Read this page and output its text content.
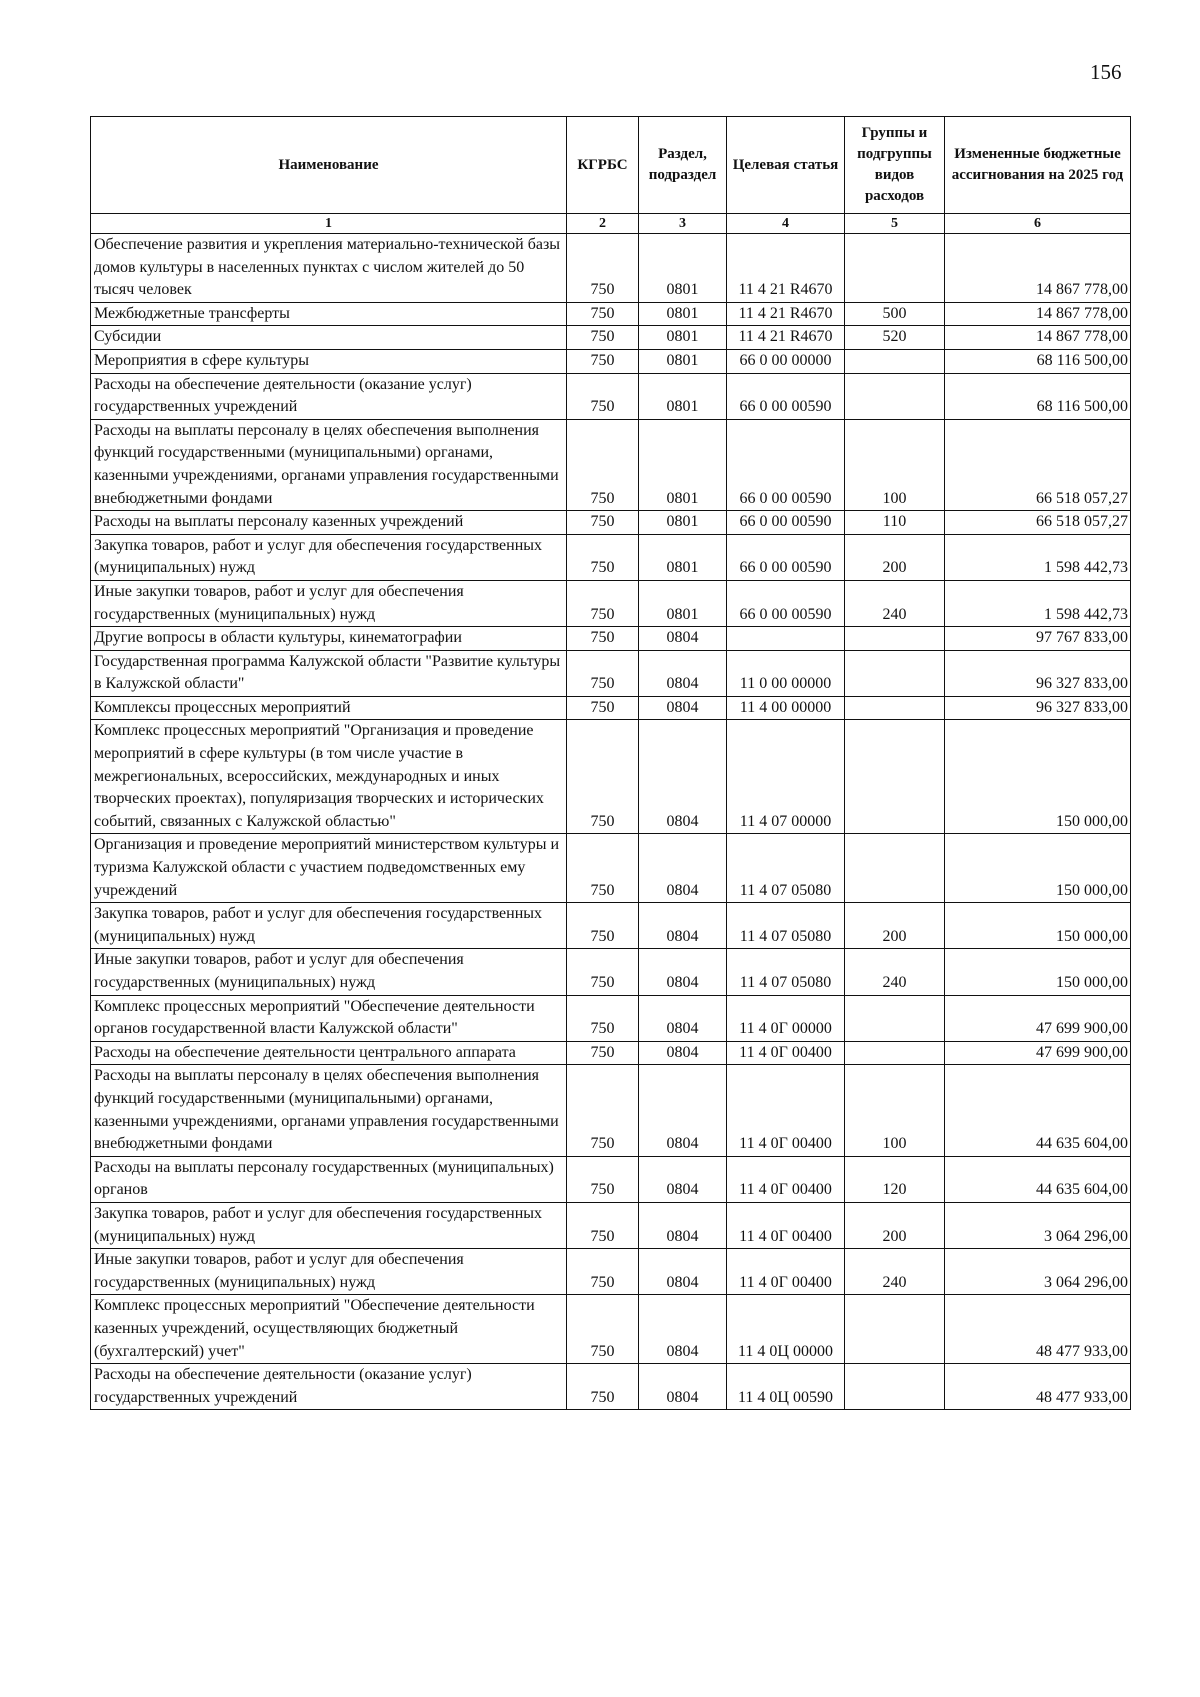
156
Наименование	КГРБС	Раздел, подраздел	Целевая статья	Группы и подгруппы видов расходов	Измененные бюджетные ассигнования на 2025 год
1	2	3	4	5	6
Обеспечение развития и укрепления материально-технической базы домов культуры в населенных пунктах с числом жителей до 50 тысяч человек	750	0801	11 4 21 R4670		14 867 778,00
Межбюджетные трансферты	750	0801	11 4 21 R4670	500	14 867 778,00
Субсидии	750	0801	11 4 21 R4670	520	14 867 778,00
Мероприятия в сфере культуры	750	0801	66 0 00 00000		68 116 500,00
Расходы на обеспечение деятельности (оказание услуг) государственных учреждений	750	0801	66 0 00 00590		68 116 500,00
Расходы на выплаты персоналу в целях обеспечения выполнения функций государственными (муниципальными) органами, казенными учреждениями, органами управления государственными внебюджетными фондами	750	0801	66 0 00 00590	100	66 518 057,27
Расходы на выплаты персоналу казенных учреждений	750	0801	66 0 00 00590	110	66 518 057,27
Закупка товаров, работ и услуг для обеспечения государственных (муниципальных) нужд	750	0801	66 0 00 00590	200	1 598 442,73
Иные закупки товаров, работ и услуг для обеспечения государственных (муниципальных) нужд	750	0801	66 0 00 00590	240	1 598 442,73
Другие вопросы в области культуры, кинематографии	750	0804			97 767 833,00
Государственная программа Калужской области "Развитие культуры в Калужской области"	750	0804	11 0 00 00000		96 327 833,00
Комплексы процессных мероприятий	750	0804	11 4 00 00000		96 327 833,00
Комплекс процессных мероприятий "Организация и проведение мероприятий в сфере культуры (в том числе участие в межрегиональных, всероссийских, международных и иных творческих проектах), популяризация творческих и исторических событий, связанных с Калужской областью"	750	0804	11 4 07 00000		150 000,00
Организация и проведение мероприятий министерством культуры и туризма Калужской области с участием подведомственных ему учреждений	750	0804	11 4 07 05080		150 000,00
Закупка товаров, работ и услуг для обеспечения государственных (муниципальных) нужд	750	0804	11 4 07 05080	200	150 000,00
Иные закупки товаров, работ и услуг для обеспечения государственных (муниципальных) нужд	750	0804	11 4 07 05080	240	150 000,00
Комплекс процессных мероприятий "Обеспечение деятельности органов государственной власти Калужской области"	750	0804	11 4 0Г 00000		47 699 900,00
Расходы на обеспечение деятельности центрального аппарата	750	0804	11 4 0Г 00400		47 699 900,00
Расходы на выплаты персоналу в целях обеспечения выполнения функций государственными (муниципальными) органами, казенными учреждениями, органами управления государственными внебюджетными фондами	750	0804	11 4 0Г 00400	100	44 635 604,00
Расходы на выплаты персоналу государственных (муниципальных) органов	750	0804	11 4 0Г 00400	120	44 635 604,00
Закупка товаров, работ и услуг для обеспечения государственных (муниципальных) нужд	750	0804	11 4 0Г 00400	200	3 064 296,00
Иные закупки товаров, работ и услуг для обеспечения государственных (муниципальных) нужд	750	0804	11 4 0Г 00400	240	3 064 296,00
Комплекс процессных мероприятий "Обеспечение деятельности казенных учреждений, осуществляющих бюджетный (бухгалтерский) учет"	750	0804	11 4 0Ц 00000		48 477 933,00
Расходы на обеспечение деятельности (оказание услуг) государственных учреждений	750	0804	11 4 0Ц 00590		48 477 933,00
